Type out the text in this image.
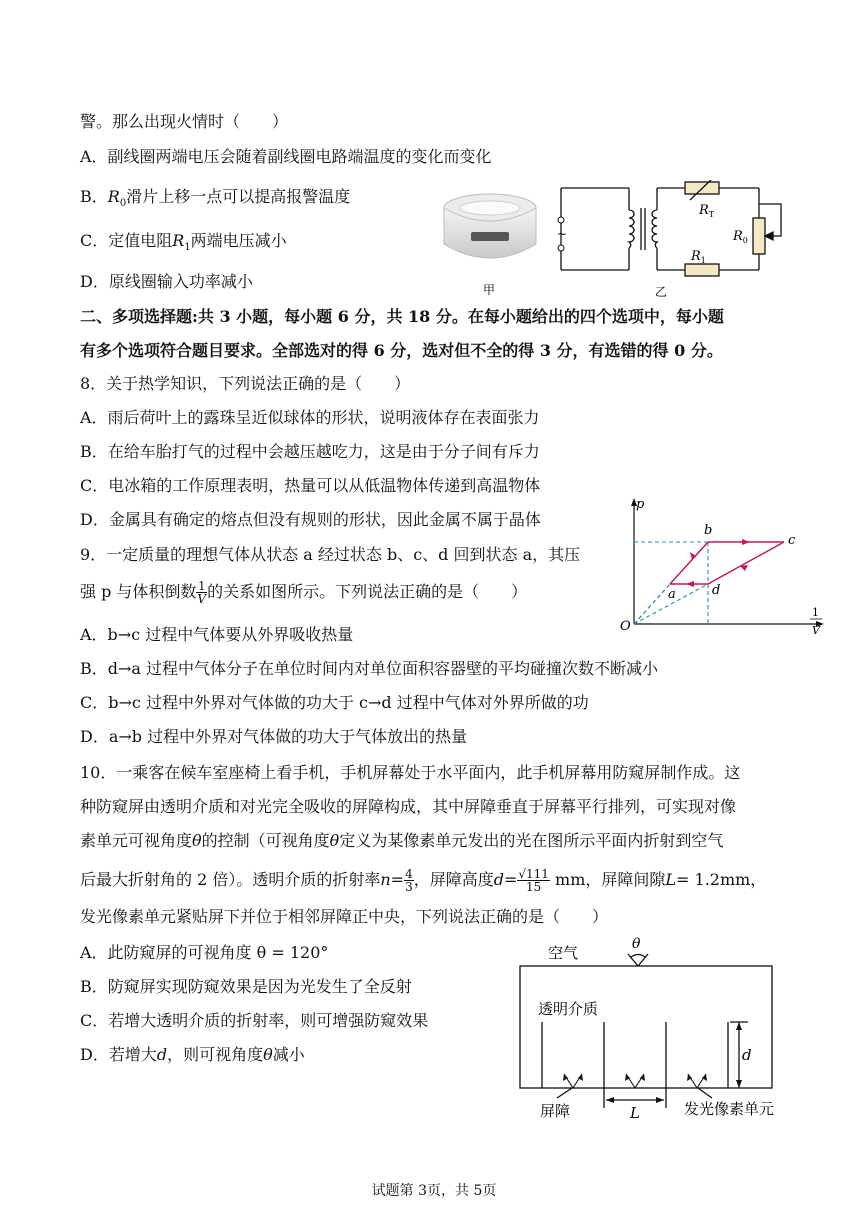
警。那么出现火情时（　　）
A．副线圈两端电压会随着副线圈电路端温度的变化而变化
B．$R_0$滑片上移一点可以提高报警温度
C．定值电阻$R_1$两端电压减小
D．原线圈输入功率减小	甲
~
$R_T$
$R_0$
$R_1$
乙
二、多项选择题:共 3 小题，每小题 6 分，共 18 分。在每小题给出的四个选项中，每小题
有多个选项符合题目要求。全部选对的得 6 分，选对但不全的得 3 分，有选错的得 0 分。
8．关于热学知识，下列说法正确的是（　　）
A．雨后荷叶上的露珠呈近似球体的形状，说明液体存在表面张力
B．在给车胎打气的过程中会越压越吃力，这是由于分子间有斥力
C．电冰箱的工作原理表明，热量可以从低温物体传递到高温物体
D．金属具有确定的熔点但没有规则的形状，因此金属不属于晶体
9．一定质量的理想气体从状态 a 经过状态 b、c、d 回到状态 a，其压
强 p 与体积倒数 $\frac{1}{V}$ 的关系如图所示。下列说法正确的是（　　）
A．b→c 过程中气体要从外界吸收热量
B．d→a 过程中气体分子在单位时间内对单位面积容器壁的平均碰撞次数不断减小
C．b→c 过程中外界对气体做的功大于 c→d 过程中气体对外界所做的功
D．a→b 过程中外界对气体做的功大于气体放出的热量
p
1
V
O
a
b
c
d
10．一乘客在候车室座椅上看手机，手机屏幕处于水平面内，此手机屏幕用防窥屏制作成。这
种防窥屏由透明介质和对光完全吸收的屏障构成，其中屏障垂直于屏幕平行排列，可实现对像
素单元可视角度θ的控制（可视角度θ定义为某像素单元发出的光在图所示平面内折射到空气
后最大折射角的 2 倍）。透明介质的折射率$n= \frac{4}{3}$ ，屏障高度$d= \frac{√111}{15}$ mm，屏障间隙L= 1.2mm，
发光像素单元紧贴屏下并位于相邻屏障正中央，下列说法正确的是（　　）
A．此防窥屏的可视角度 θ = 120°
B．防窥屏实现防窥效果是因为光发生了全反射
C．若增大透明介质的折射率，则可增强防窥效果
D．若增大d，则可视角度θ减小
空气	θ
透明介质
d
屏障	L	发光像素单元
试题第 3页，共 5页
